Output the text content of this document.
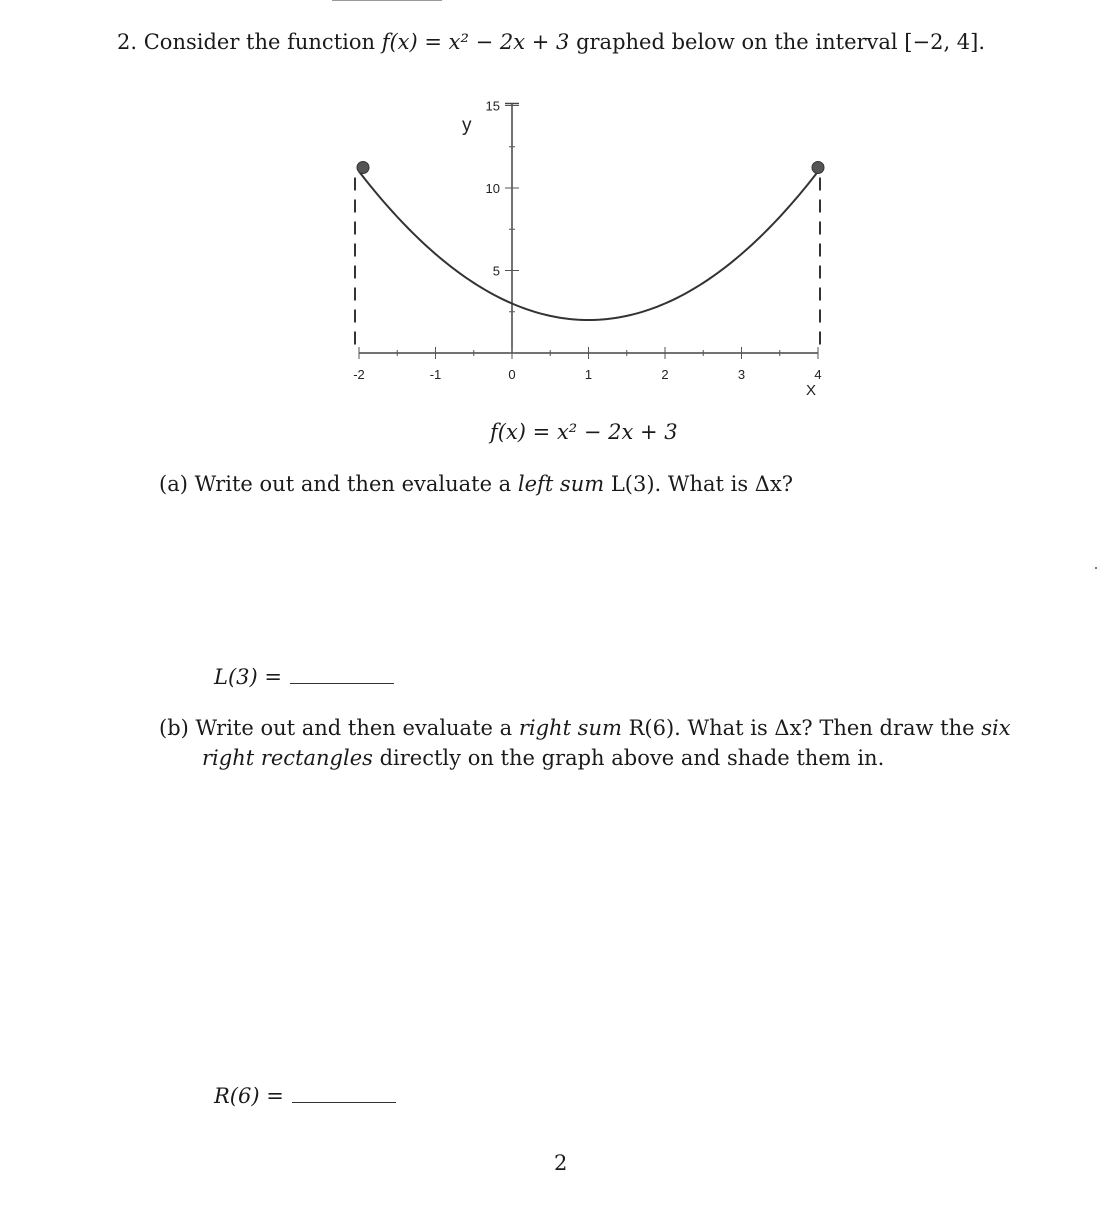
2. Consider the function f(x) = x² − 2x + 3 graphed below on the interval [−2, 4].
-2	-1	0	1	2	3	4
5
10
15
y
X
f(x) = x² − 2x + 3
(a) Write out and then evaluate a left sum L(3). What is Δx?
L(3) =
(b) Write out and then evaluate a right sum R(6). What is Δx? Then draw the six
right rectangles directly on the graph above and shade them in.
R(6) =
2
